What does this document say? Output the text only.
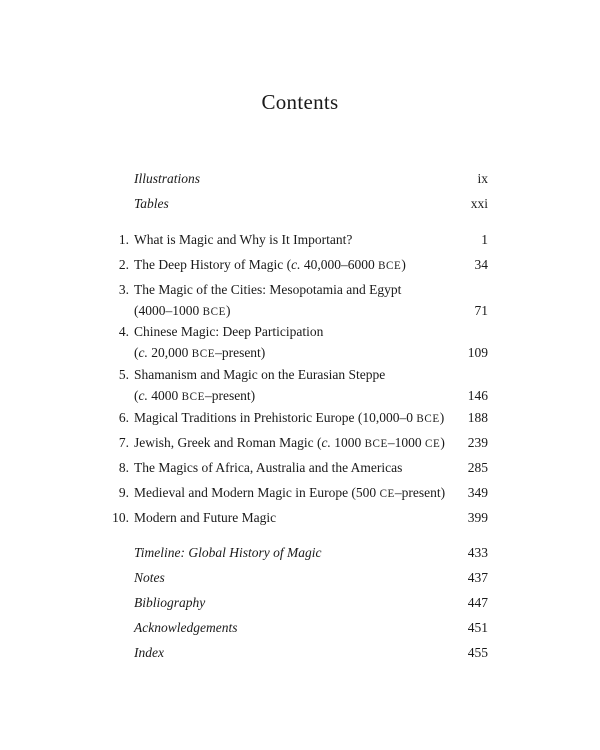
Contents
Illustrations	ix
Tables	xxi
1. What is Magic and Why is It Important?	1
2. The Deep History of Magic (c. 40,000–6000 BCE)	34
3. The Magic of the Cities: Mesopotamia and Egypt
(4000–1000 BCE)	71
4. Chinese Magic: Deep Participation
(c. 20,000 BCE–present)	109
5. Shamanism and Magic on the Eurasian Steppe
(c. 4000 BCE–present)	146
6. Magical Traditions in Prehistoric Europe (10,000–0 BCE)	188
7. Jewish, Greek and Roman Magic (c. 1000 BCE–1000 CE)	239
8. The Magics of Africa, Australia and the Americas	285
9. Medieval and Modern Magic in Europe (500 CE–present)	349
10. Modern and Future Magic	399
Timeline: Global History of Magic	433
Notes	437
Bibliography	447
Acknowledgements	451
Index	455
